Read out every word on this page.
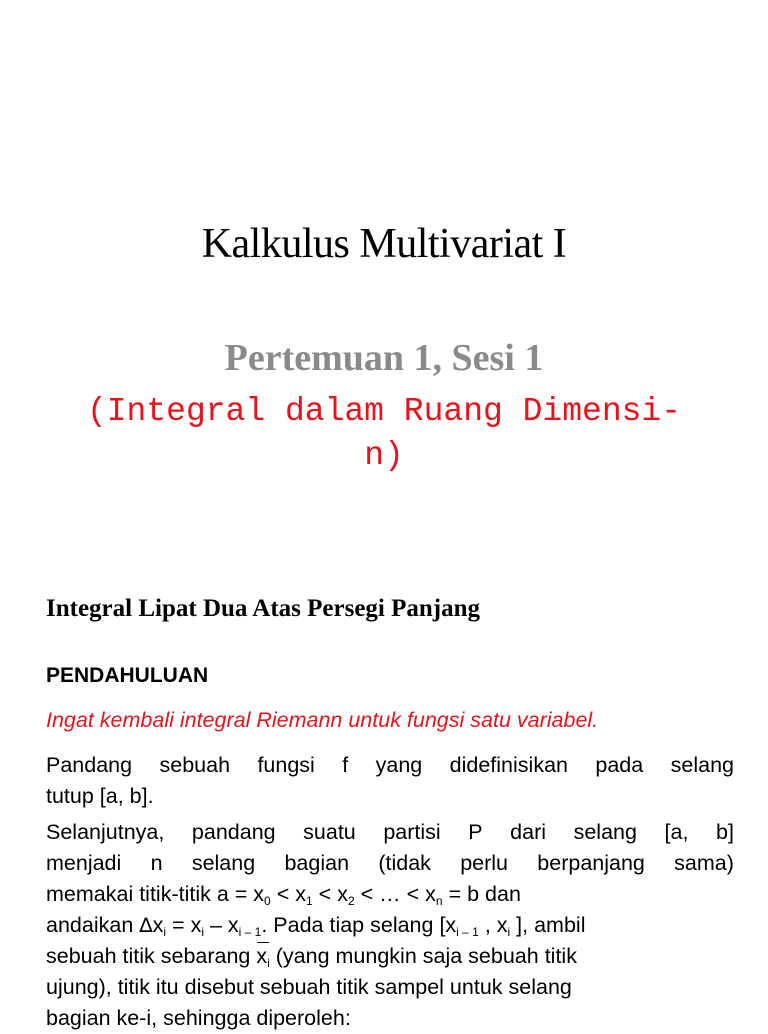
Kalkulus Multivariat I
Pertemuan 1, Sesi 1
(Integral dalam Ruang Dimensi-
n)
Integral Lipat Dua Atas Persegi Panjang
PENDAHULUAN
Ingat kembali integral Riemann untuk fungsi satu variabel.
Pandang sebuah fungsi f yang didefinisikan pada selang
tutup [a, b].
Selanjutnya, pandang suatu partisi P dari selang [a, b]
menjadi n selang bagian (tidak perlu berpanjang sama)
memakai titik-titik $a = x_0 < x_1 < x_2$ < … < $x_n = b$ dan
andaikan $\Delta x_i = x_i - x_{i - 1}$. Pada tiap selang [$x_{i - 1}$ , $x_i$ ], ambil
sebuah titik sebarang
$x_i$ (yang mungkin saja sebuah titik
ujung), titik itu disebut sebuah titik sampel untuk selang
bagian ke-i, sehingga diperoleh:
